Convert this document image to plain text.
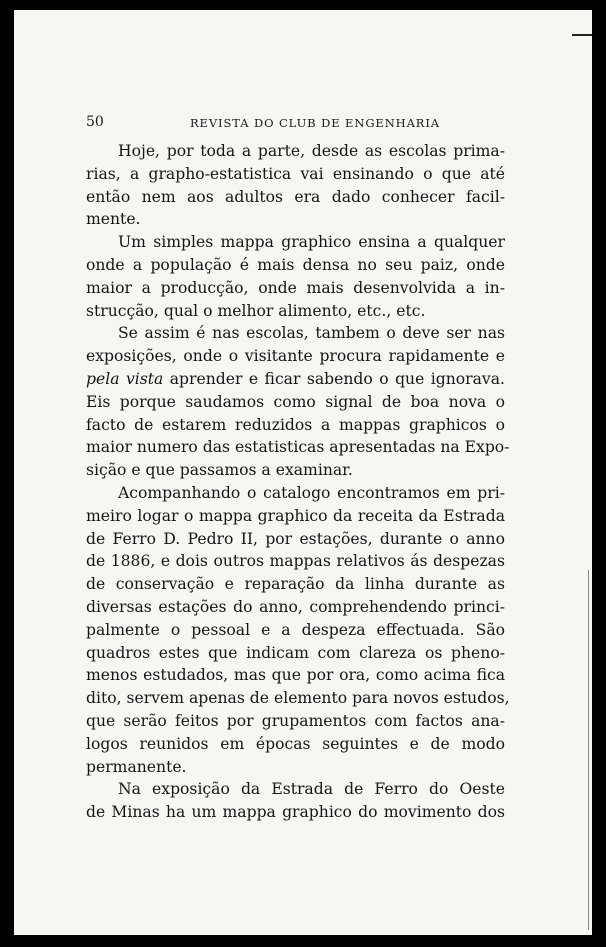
50	REVISTA DO CLUB DE ENGENHARIA
Hoje, por toda a parte, desde as escolas prima-
rias, a grapho-estatistica vai ensinando o que até
então nem aos adultos era dado conhecer facil-
mente.
Um simples mappa graphico ensina a qualquer
onde a população é mais densa no seu paiz, onde
maior a producção, onde mais desenvolvida a in-
strucção, qual o melhor alimento, etc., etc.
Se assim é nas escolas, tambem o deve ser nas
exposições, onde o visitante procura rapidamente e
pela vista aprender e ficar sabendo o que ignorava.
Eis porque saudamos como signal de boa nova o
facto de estarem reduzidos a mappas graphicos o
maior numero das estatisticas apresentadas na Expo-
sição e que passamos a examinar.
Acompanhando o catalogo encontramos em pri-
meiro logar o mappa graphico da receita da Estrada
de Ferro D. Pedro II, por estações, durante o anno
de 1886, e dois outros mappas relativos ás despezas
de conservação e reparação da linha durante as
diversas estações do anno, comprehendendo princi-
palmente o pessoal e a despeza effectuada. São
quadros estes que indicam com clareza os pheno-
menos estudados, mas que por ora, como acima fica
dito, servem apenas de elemento para novos estudos,
que serão feitos por grupamentos com factos ana-
logos reunidos em épocas seguintes e de modo
permanente.
Na exposição da Estrada de Ferro do Oeste
de Minas ha um mappa graphico do movimento dos
